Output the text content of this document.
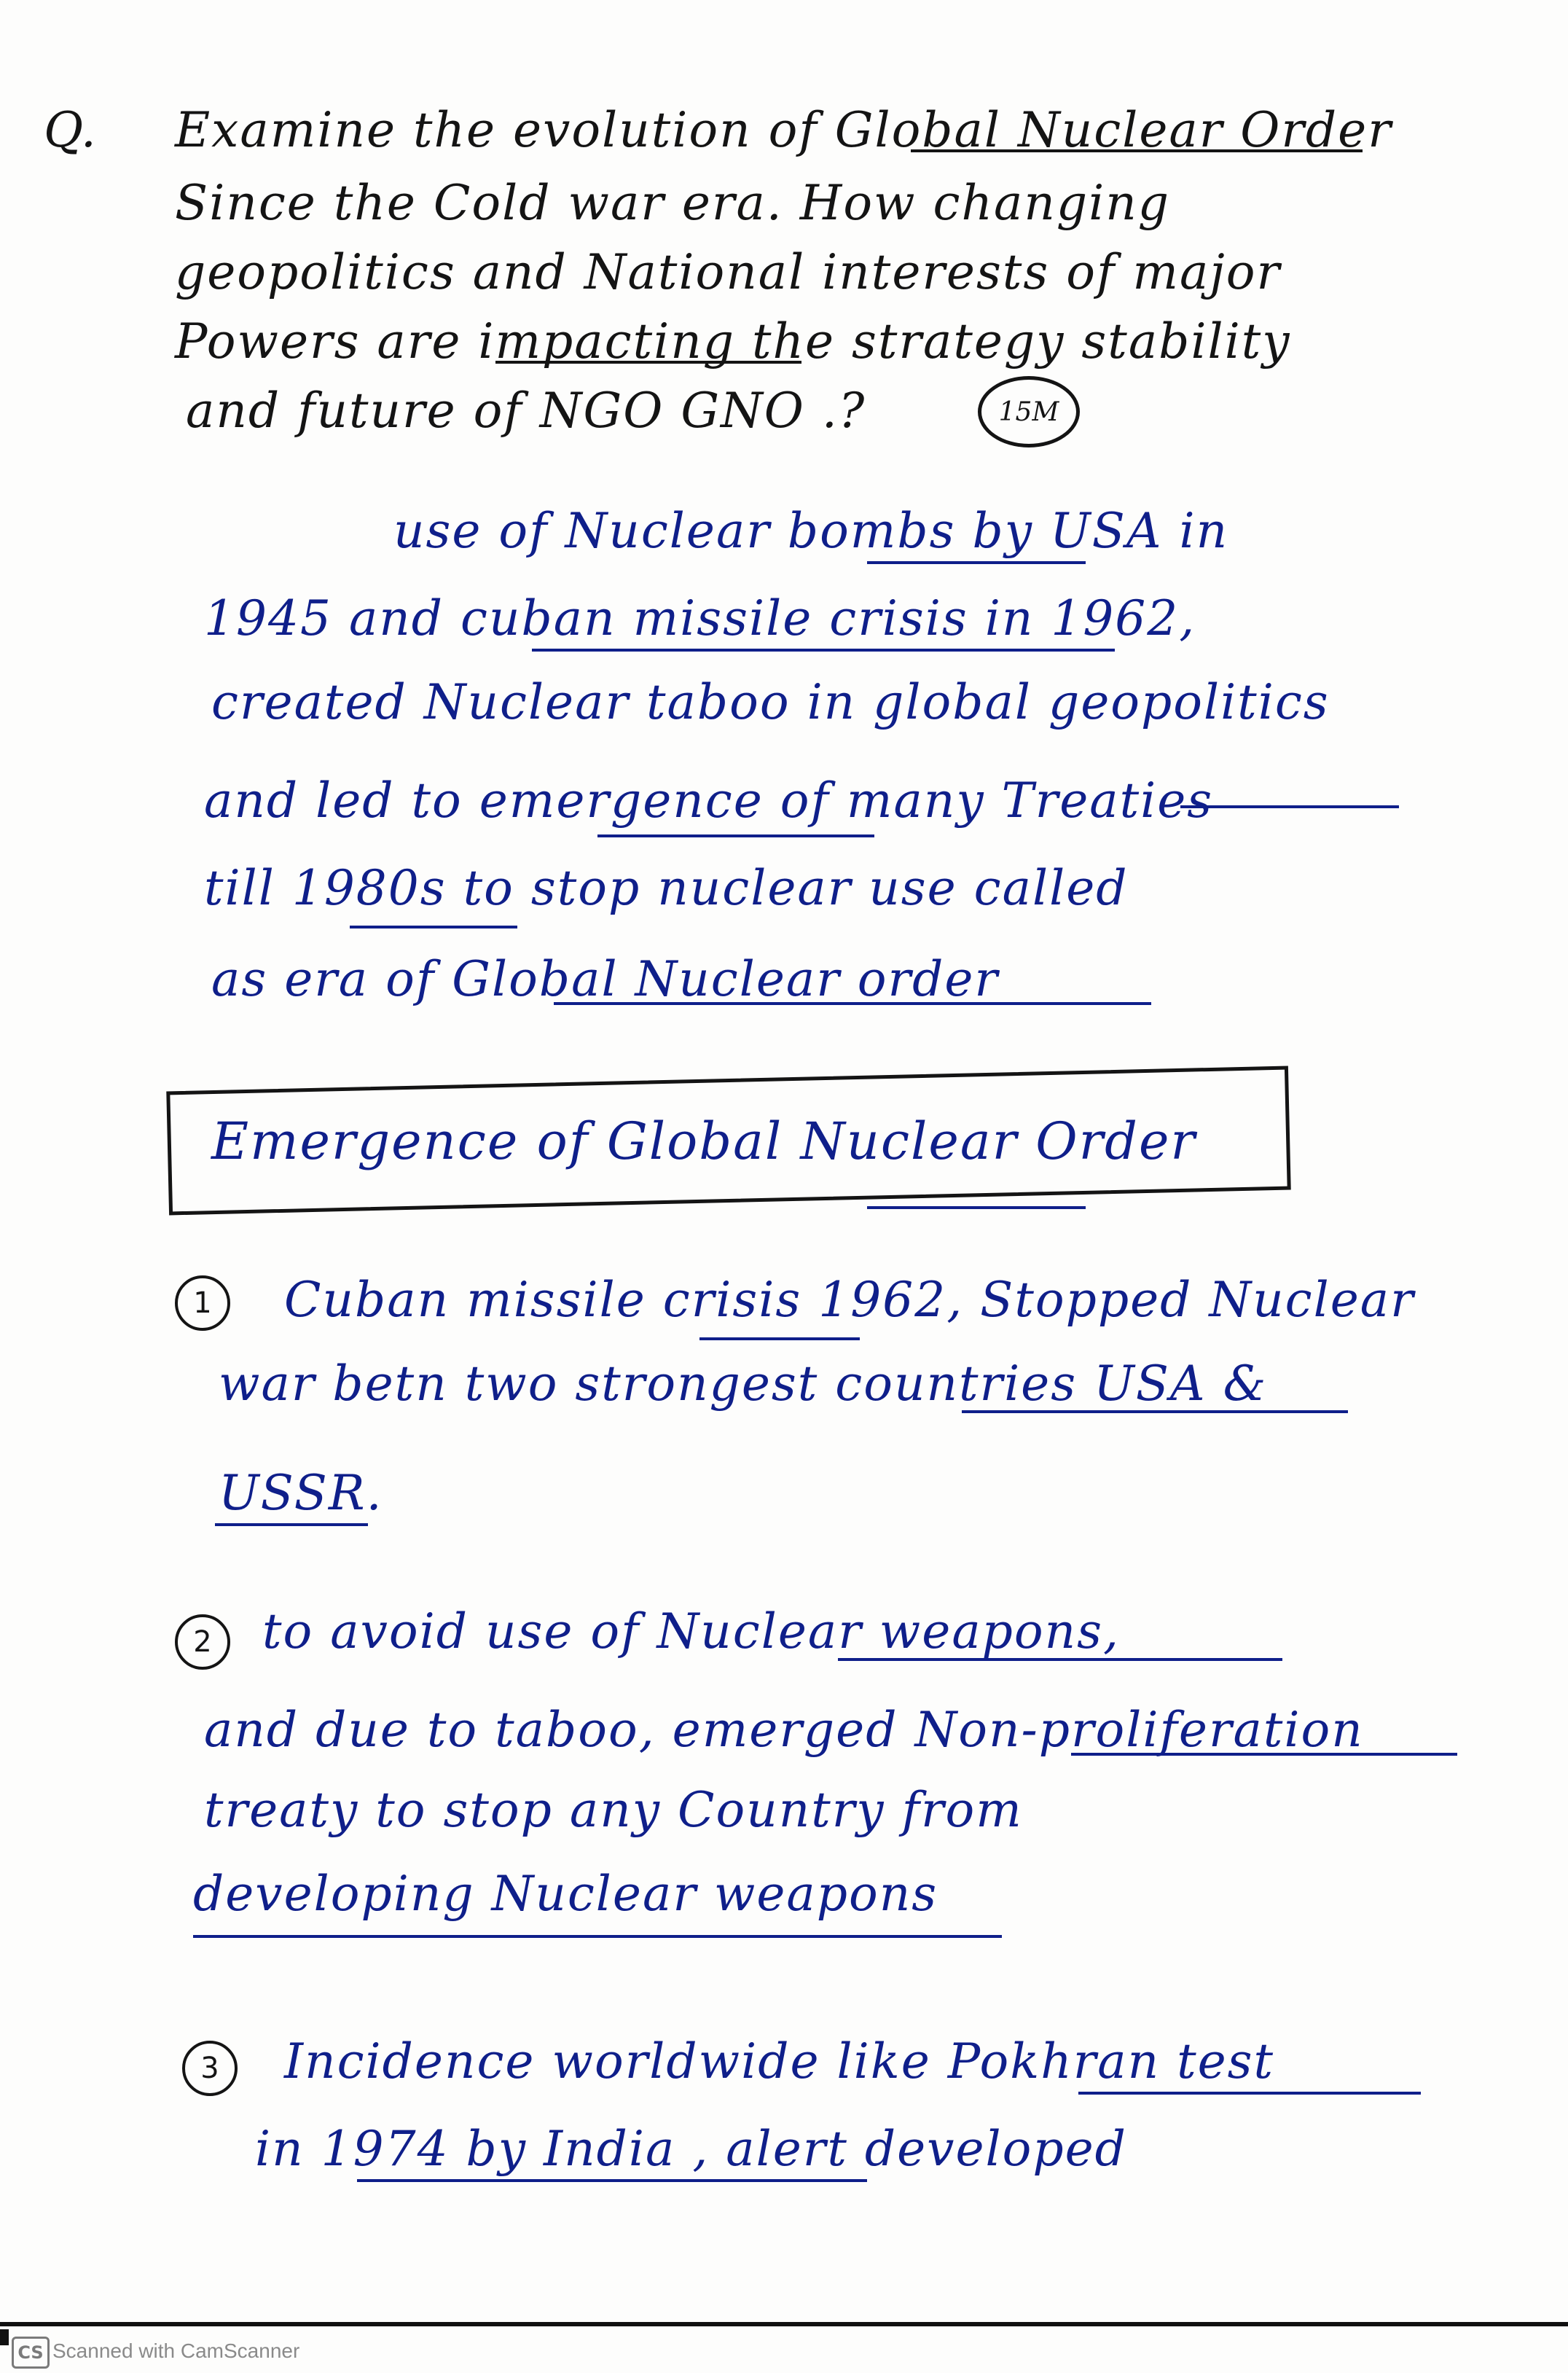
Q. Examine the evolution of Global Nuclear Order
Since the Cold war era. How changing
geopolitics and National interests of major
Powers are impacting the strategy stability
and future of NGO GNO .?	15M
use of Nuclear bombs by USA in
1945 and cuban missile crisis in 1962,
created Nuclear taboo in global geopolitics
and led to emergence of many Treaties
till 1980s to stop nuclear use called
as era of Global Nuclear order
Emergence of Global Nuclear Order
1	Cuban missile crisis 1962, Stopped Nuclear
war betn two strongest countries USA &
USSR.
2	to avoid use of Nuclear weapons,
and due to taboo, emerged Non-proliferation
treaty to stop any Country from
developing Nuclear weapons
3	Incidence worldwide like Pokhran test
in 1974 by India , alert developed
CS Scanned with CamScanner
